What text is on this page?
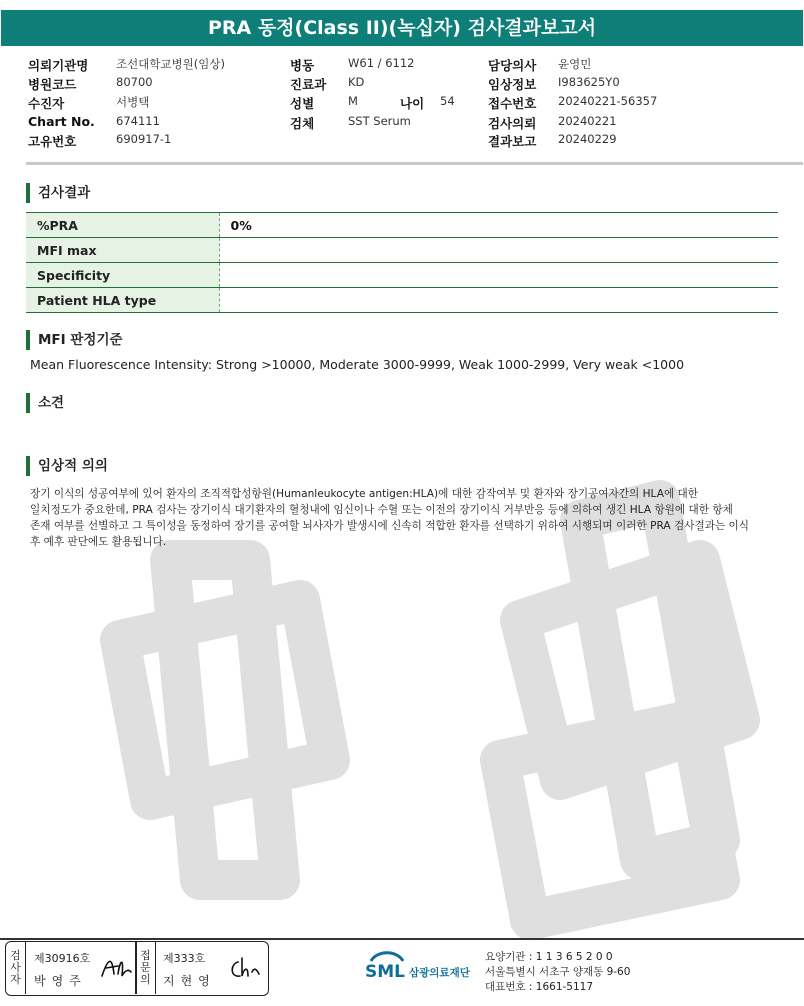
PRA 동정(Class II)(녹십자) 검사결과보고서
의뢰기관명 조선대학교병원(임상)	병동	W61 / 6112	담당의사 윤영민
병원코드	80700	진료과 KD	임상정보 I983625Y0
수진자	서병택	성별	M	나이 54	접수번호 20240221-56357
Chart No. 674111	검체	SST Serum	검사의뢰 20240221
고유번호	690917-1	결과보고 20240229
검사결과
%PRA	0%
MFI max	
Specificity	
Patient HLA type	
MFI 판정기준
Mean Fluorescence Intensity: Strong >10000, Moderate 3000-9999, Weak 1000-2999, Very weak <1000
소견
임상적 의의
장기 이식의 성공여부에 있어 환자의 조직적합성항원(Humanleukocyte antigen:HLA)에 대한 감작여부 및 환자와 장기공여자간의 HLA에 대한
일치정도가 중요한데, PRA 검사는 장기이식 대기환자의 혈청내에 임신이나 수혈 또는 이전의 장기이식 거부반응 등에 의하여 생긴 HLA 항원에 대한 항체
존재 여부를 선별하고 그 특이성을 동정하여 장기를 공여할 뇌사자가 발생시에 신속히 적합한 환자를 선택하기 위하여 시행되며 이러한 PRA 검사결과는 이식
후 예후 판단에도 활용됩니다.
검
사
자
제30916호
박영주
접
문
의
제333호
지현영	SML 삼광의료재단
요양기관 : 1 1 3 6 5 2 0 0
서울특별시 서초구 양재동 9-60
대표번호 : 1661-5117
